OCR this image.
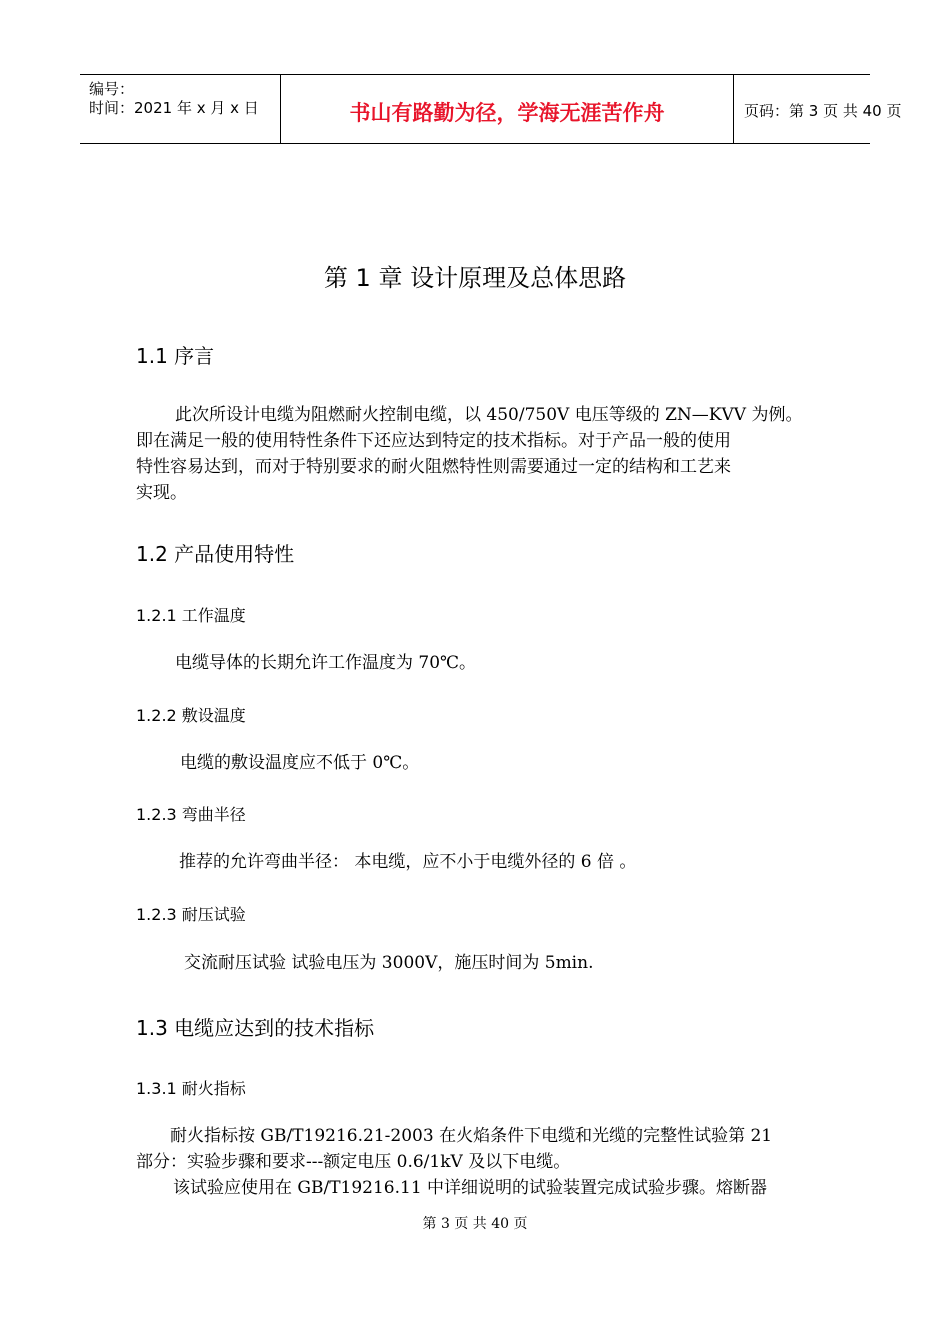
编号：
时间：2021 年 x 月 x 日	书山有路勤为径，学海无涯苦作舟	页码：第 3 页 共 40 页
第 1 章 设计原理及总体思路
1.1 序言
此次所设计电缆为阻燃耐火控制电缆，以 450/750V 电压等级的 ZN—KVV 为例。
即在满足一般的使用特性条件下还应达到特定的技术指标。对于产品一般的使用
特性容易达到，而对于特别要求的耐火阻燃特性则需要通过一定的结构和工艺来
实现。
1.2 产品使用特性
1.2.1 工作温度
电缆导体的长期允许工作温度为 70℃。
1.2.2 敷设温度
电缆的敷设温度应不低于 0℃。
1.2.3 弯曲半径
推荐的允许弯曲半径： 本电缆，应不小于电缆外径的 6 倍 。
1.2.3 耐压试验
交流耐压试验 试验电压为 3000V，施压时间为 5min.
1.3 电缆应达到的技术指标
1.3.1 耐火指标
耐火指标按 GB/T19216.21-2003 在火焰条件下电缆和光缆的完整性试验第 21
部分：实验步骤和要求---额定电压 0.6/1kV 及以下电缆。
该试验应使用在 GB/T19216.11 中详细说明的试验装置完成试验步骤。熔断器
第 3 页 共 40 页
